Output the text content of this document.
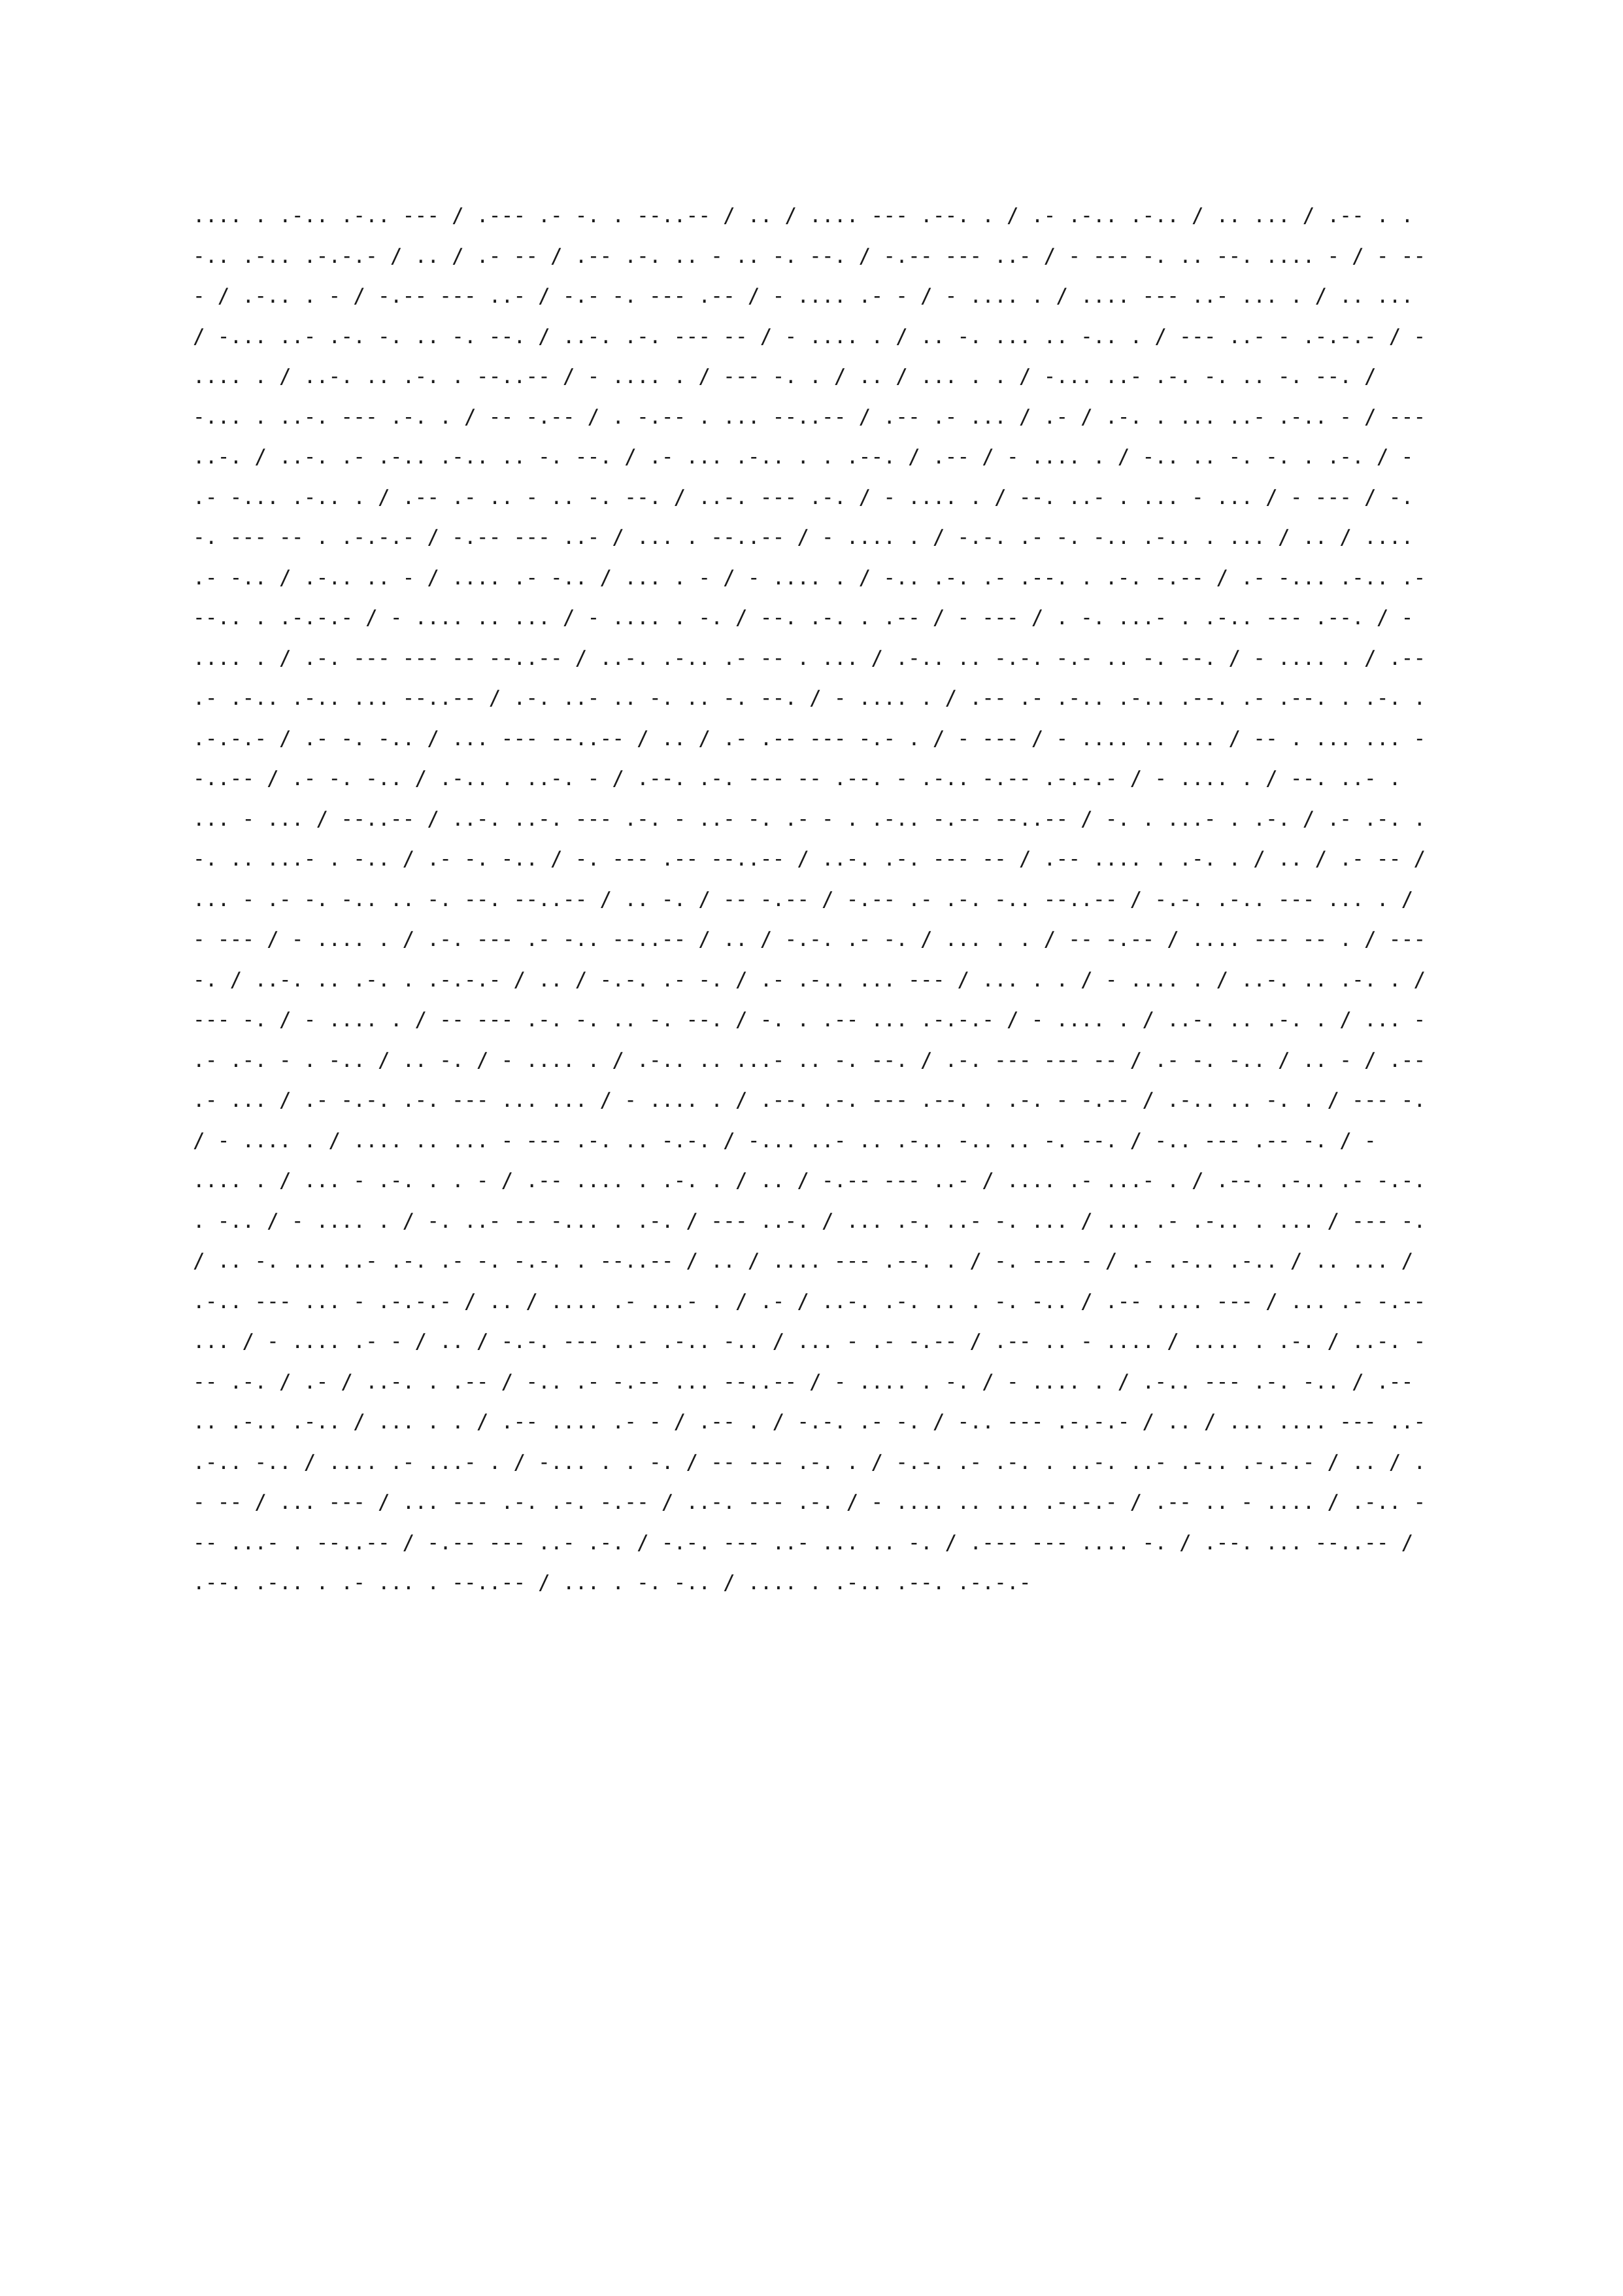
.... . .-.. .-.. --- / .--- .- -. . --..-- / .. / .... --- .--. . / .- .-.. .-.. / .. ... / .-- . .-.. .-.. .-.-.- / .. / .- -- / .-- .-. .. - .. -. --. / -.-- --- ..- / - --- -. .. --. .... - / - --- / .-.. . - / -.-- --- ..- / -.- -. --- .-- / - .... .- - / - .... . / .... --- ..- ... . / .. ... / -... ..- .-. -. .. -. --. / ..-. .-. --- -- / - .... . / .. -. ... .. -.. . / --- ..- - .-.-.- / - .... . / ..-. .. .-. . --..-- / - .... . / --- -. . / .. / ... . . / -... ..- .-. -. .. -. --. / -... . ..-. --- .-. . / -- -.-- / . -.-- . ... --..-- / .-- .- ... / .- / .-. . ... ..- .-.. - / --- ..-. / ..-. .- .-.. .-.. .. -. --. / .- ... .-.. . . .--. / .-- / - .... . / -.. .. -. -. . .-. / - .- -... .-.. . / .-- .- .. - .. -. --. / ..-. --- .-. / - .... . / --. ..- . ... - ... / - --- / -.-. --- -- . .-.-.- / -.-- --- ..- / ... . --..-- / - .... . / -.-. .- -. -.. .-.. . ... / .. / .... .- -.. / .-.. .. - / .... .- -.. / ... . - / - .... . / -.. .-. .- .--. . .-. -.-- / .- -... .-.. .- --.. . .-.-.- / - .... .. ... / - .... . -. / --. .-. . .-- / - --- / . -. ...- . .-.. --- .--. / - .... . / .-. --- --- -- --..-- / ..-. .-.. .- -- . ... / .-.. .. -.-. -.- .. -. --. / - .... . / .-- .- .-.. .-.. ... --..-- / .-. ..- .. -. .. -. --. / - .... . / .-- .- .-.. .-.. .--. .- .--. . .-. . .-.-.- / .- -. -.. / ... --- --..-- / .. / .- .-- --- -.- . / - --- / - .... .. ... / -- . ... ... --..-- / .- -. -.. / .-.. . ..-. - / .--. .-. --- -- .--. - .-.. -.-- .-.-.- / - .... . / --. ..- . ... - ... / --..-- / ..-. ..-. --- .-. - ..- -. .- - . .-.. -.-- --..-- / -. . ...- . .-. / .- .-. .-. .. ...- . -.. / .- -. -.. / -. --- .-- --..-- / ..-. .-. --- -- / .-- .... . .-. . / .. / .- -- / ... - .- -. -.. .. -. --. --..-- / .. -. / -- -.-- / -.-- .- .-. -.. --..-- / -.-. .-.. --- ... . / - --- / - .... . / .-. --- .- -.. --..-- / .. / -.-. .- -. / ... . . / -- -.-- / .... --- -- . / --- -. / ..-. .. .-. . .-.-.- / .. / -.-. .- -. / .- .-.. ... --- / ... . . / - .... . / ..-. .. .-. . / --- -. / - .... . / -- --- .-. -. .. -. --. / -. . .-- ... .-.-.- / - .... . / ..-. .. .-. . / ... - .- .-. - . -.. / .. -. / - .... . / .-.. .. ...- .. -. --. / .-. --- --- -- / .- -. -.. / .. - / .-- .- ... / .- -.-. .-. --- ... ... / - .... . / .--. .-. --- .--. . .-. - -.-- / .-.. .. -. . / --- -. / - .... . / .... .. ... - --- .-. .. -.-. / -... ..- .. .-.. -.. .. -. --. / -.. --- .-- -. / - .... . / ... - .-. . . - / .-- .... . .-. . / .. / -.-- --- ..- / .... .- ...- . / .--. .-.. .- -.-. . -.. / - .... . / -. ..- -- -... . .-. / --- ..-. / ... .-. ..- -. ... / ... .- .-.. . ... / --- -. / .. -. ... ..- .-. .- -. -.-. . --..-- / .. / .... --- .--. . / -. --- - / .- .-.. .-.. / .. ... / .-.. --- ... - .-.-.- / .. / .... .- ...- . / .- / ..-. .-. .. . -. -.. / .-- .... --- / ... .- -.-- ... / - .... .- - / .. / -.-. --- ..- .-.. -.. / ... - .- -.-- / .-- .. - .... / .... . .-. / ..-. --- .-. / .- / ..-. . .-- / -.. .- -.-- ... --..-- / - .... . -. / - .... . / .-.. --- .-. -.. / .-- .. .-.. .-.. / ... . . / .-- .... .- - / .-- . / -.-. .- -. / -.. --- .-.-.- / .. / ... .... --- ..- .-.. -.. / .... .- ...- . / -... . . -. / -- --- .-. . / -.-. .- .-. . ..-. ..- .-.. .-.-.- / .. / .- -- / ... --- / ... --- .-. .-. -.-- / ..-. --- .-. / - .... .. ... .-.-.- / .-- .. - .... / .-.. --- ...- . --..-- / -.-- --- ..- .-. / -.-. --- ..- ... .. -. / .--- --- .... -. / .--. ... --..-- / .--. .-.. . .- ... . --..-- / ... . -. -.. / .... . .-.. .--. .-.-.-
